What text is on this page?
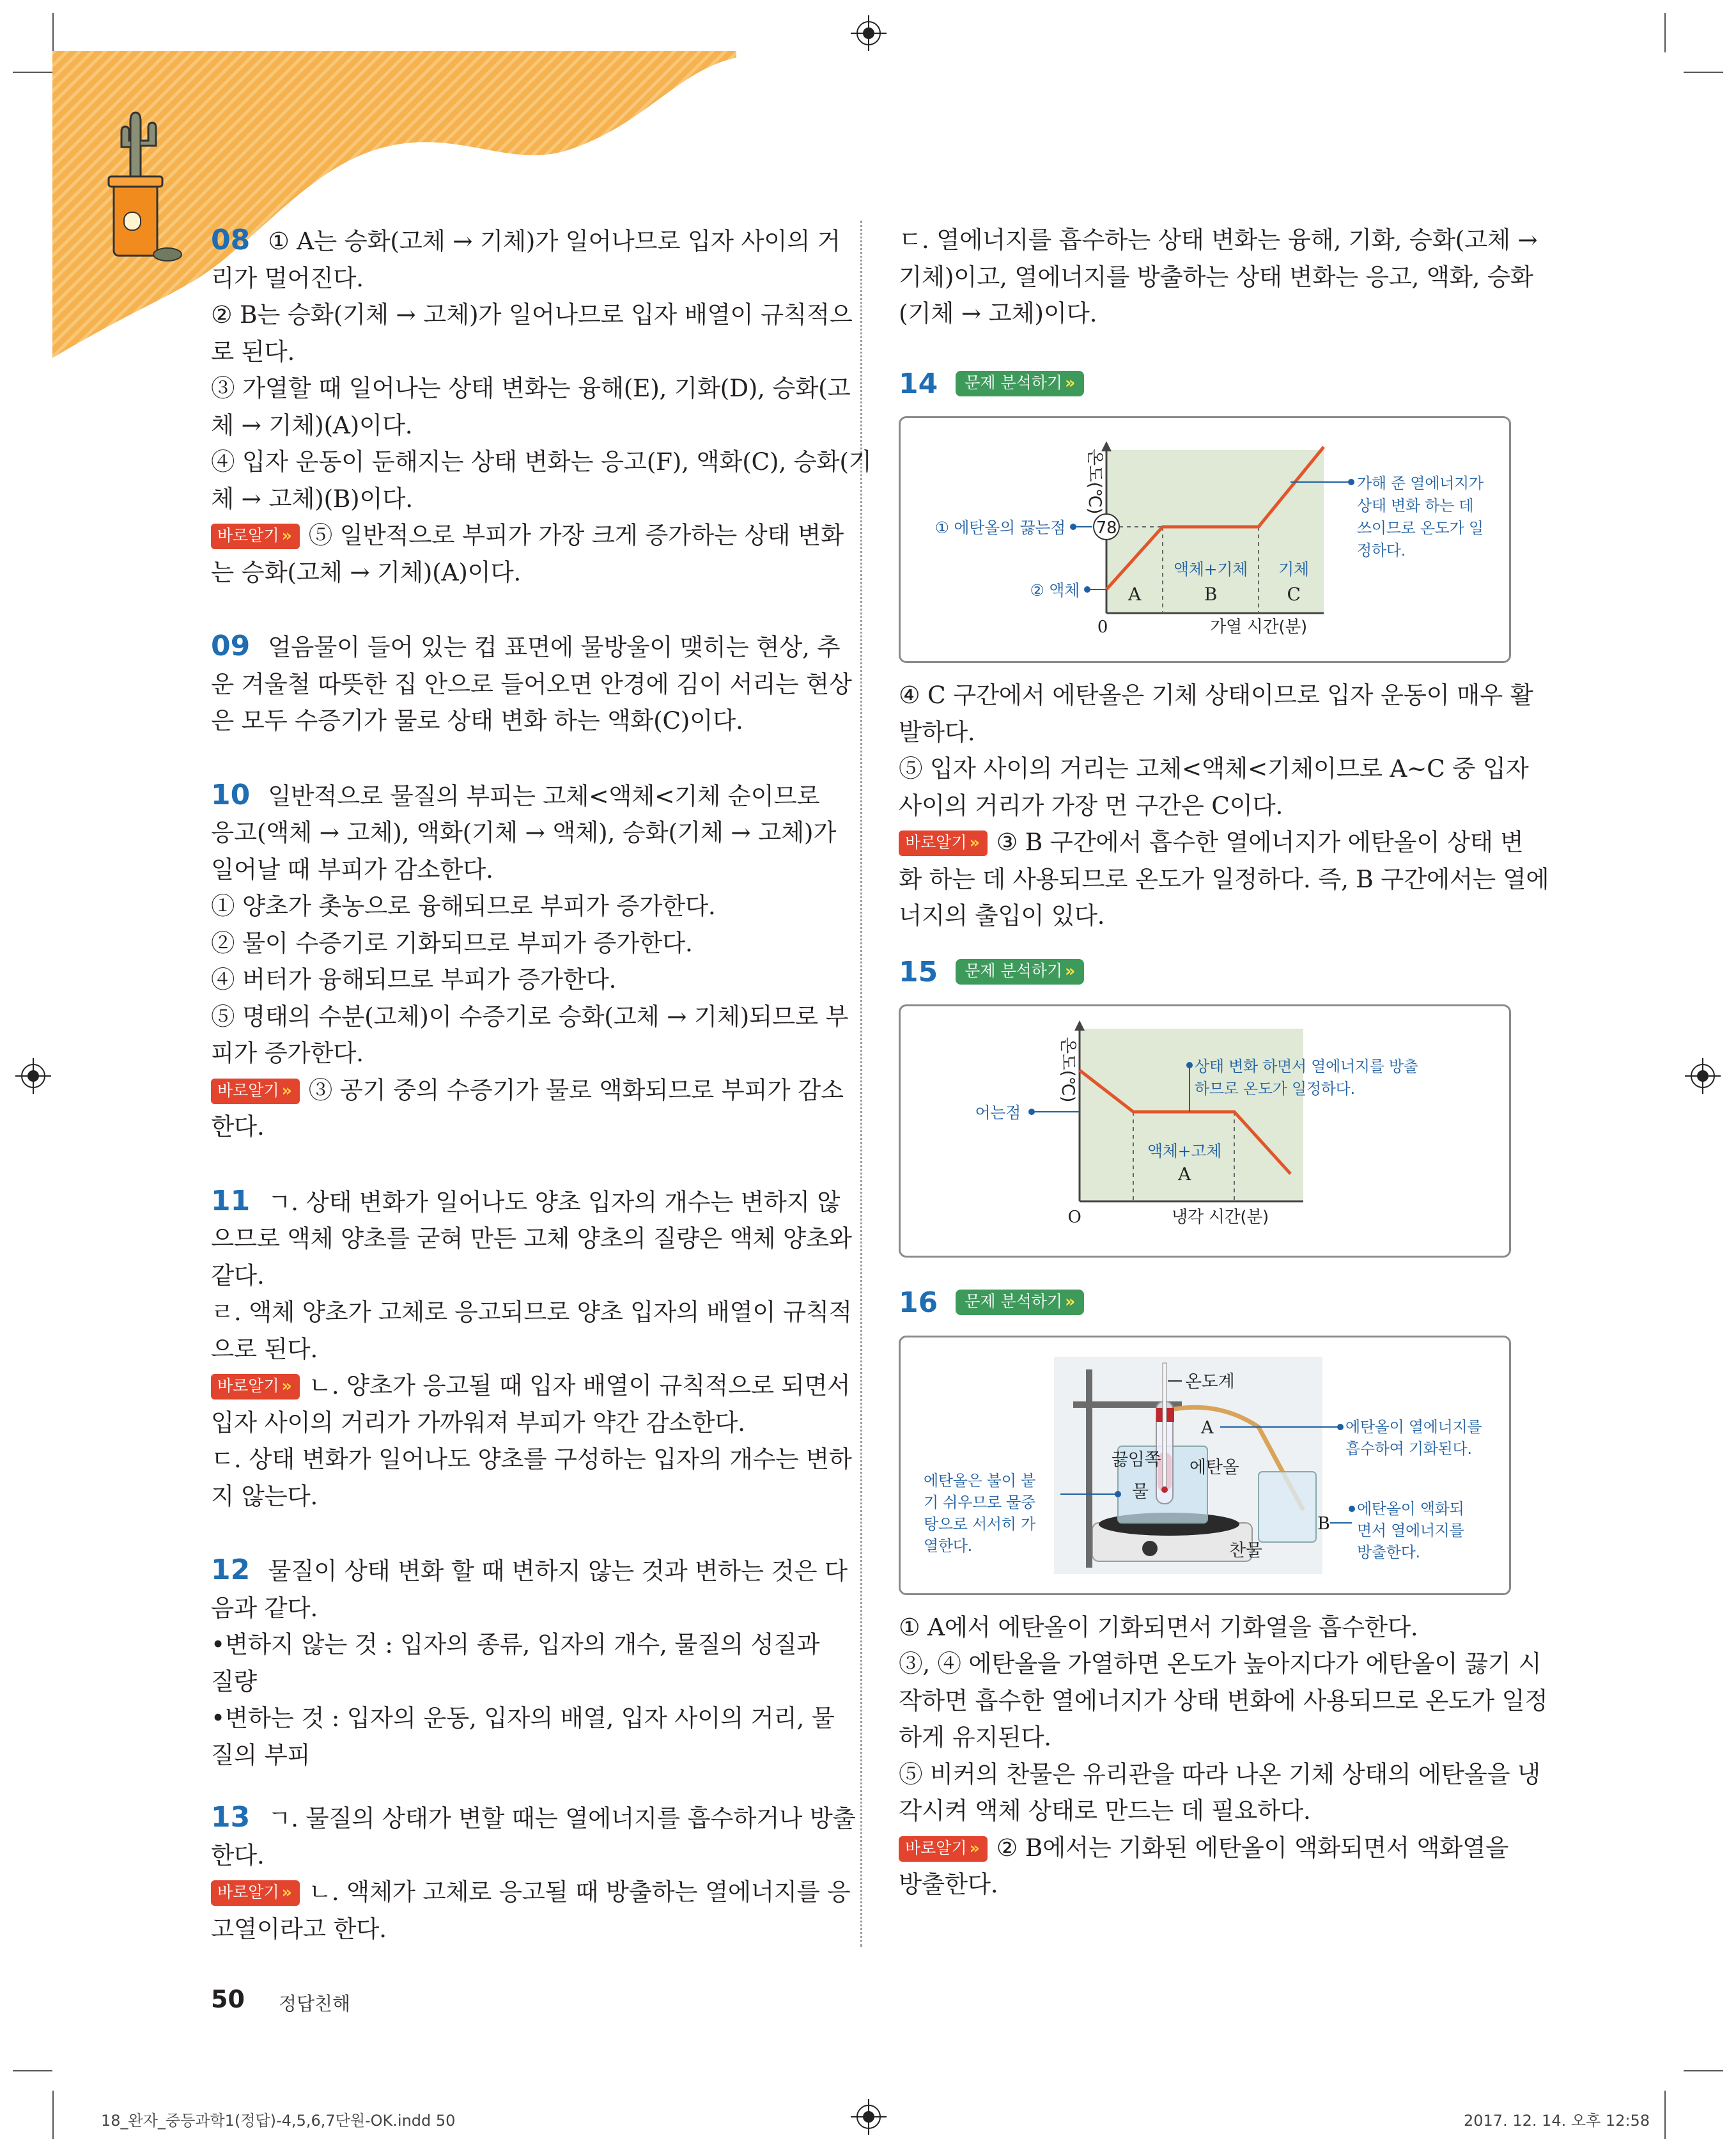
08 ① A는 승화(고체 → 기체)가 일어나므로 입자 사이의 거
리가 멀어진다.
② B는 승화(기체 → 고체)가 일어나므로 입자 배열이 규칙적으
로 된다.
③ 가열할 때 일어나는 상태 변화는 융해(E), 기화(D), 승화(고
체 → 기체)(A)이다.
④ 입자 운동이 둔해지는 상태 변화는 응고(F), 액화(C), 승화(기
체 → 고체)(B)이다.
바로알기 » ⑤ 일반적으로 부피가 가장 크게 증가하는 상태 변화
는 승화(고체 → 기체)(A)이다.
09 얼음물이 들어 있는 컵 표면에 물방울이 맺히는 현상, 추
운 겨울철 따뜻한 집 안으로 들어오면 안경에 김이 서리는 현상
은 모두 수증기가 물로 상태 변화 하는 액화(C)이다.
10 일반적으로 물질의 부피는 고체<액체<기체 순이므로
응고(액체 → 고체), 액화(기체 → 액체), 승화(기체 → 고체)가
일어날 때 부피가 감소한다.
① 양초가 촛농으로 융해되므로 부피가 증가한다.
② 물이 수증기로 기화되므로 부피가 증가한다.
④ 버터가 융해되므로 부피가 증가한다.
⑤ 명태의 수분(고체)이 수증기로 승화(고체 → 기체)되므로 부
피가 증가한다.
바로알기 » ③ 공기 중의 수증기가 물로 액화되므로 부피가 감소
한다.
11 ㄱ. 상태 변화가 일어나도 양초 입자의 개수는 변하지 않
으므로 액체 양초를 굳혀 만든 고체 양초의 질량은 액체 양초와
같다.
ㄹ. 액체 양초가 고체로 응고되므로 양초 입자의 배열이 규칙적
으로 된다.
바로알기 » ㄴ. 양초가 응고될 때 입자 배열이 규칙적으로 되면서
입자 사이의 거리가 가까워져 부피가 약간 감소한다.
ㄷ. 상태 변화가 일어나도 양초를 구성하는 입자의 개수는 변하
지 않는다.
12 물질이 상태 변화 할 때 변하지 않는 것과 변하는 것은 다
음과 같다.
•변하지 않는 것 : 입자의 종류, 입자의 개수, 물질의 성질과
질량
•변하는 것 : 입자의 운동, 입자의 배열, 입자 사이의 거리, 물
질의 부피
13 ㄱ. 물질의 상태가 변할 때는 열에너지를 흡수하거나 방출
한다.
바로알기 » ㄴ. 액체가 고체로 응고될 때 방출하는 열에너지를 응
고열이라고 한다.
ㄷ. 열에너지를 흡수하는 상태 변화는 융해, 기화, 승화(고체 →
기체)이고, 열에너지를 방출하는 상태 변화는 응고, 액화, 승화
(기체 → 고체)이다.
14 문제 분석하기 »
온도(℃)
78
① 에탄올의 끓는점
② 액체	A
액체+기체
B
기체
C
0	가열 시간(분)
가해 준 열에너지가
상태 변화 하는 데
쓰이므로 온도가 일
정하다.
④ C 구간에서 에탄올은 기체 상태이므로 입자 운동이 매우 활
발하다.
⑤ 입자 사이의 거리는 고체<액체<기체이므로 A~C 중 입자
사이의 거리가 가장 먼 구간은 C이다.
바로알기 » ③ B 구간에서 흡수한 열에너지가 에탄올이 상태 변
화 하는 데 사용되므로 온도가 일정하다. 즉, B 구간에서는 열에
너지의 출입이 있다.
15 문제 분석하기 »
온도(℃)
어는점
액체+고체
A
O	냉각 시간(분)
상태 변화 하면서 열에너지를 방출
하므로 온도가 일정하다.
16 문제 분석하기 »
온도계
끓임쪽
물
에탄올
찬물
A
B
에탄올이 열에너지를
흡수하여 기화된다.
에탄올이 액화되
면서 열에너지를
방출한다.
에탄올은 불이 붙
기 쉬우므로 물중
탕으로 서서히 가
열한다.
① A에서 에탄올이 기화되면서 기화열을 흡수한다.
③, ④ 에탄올을 가열하면 온도가 높아지다가 에탄올이 끓기 시
작하면 흡수한 열에너지가 상태 변화에 사용되므로 온도가 일정
하게 유지된다.
⑤ 비커의 찬물은 유리관을 따라 나온 기체 상태의 에탄올을 냉
각시켜 액체 상태로 만드는 데 필요하다.
바로알기 » ② B에서는 기화된 에탄올이 액화되면서 액화열을
방출한다.
50 정답친해
18_완자_중등과학1(정답)-4,5,6,7단원-OK.indd 50	2017. 12. 14. 오후 12:58
